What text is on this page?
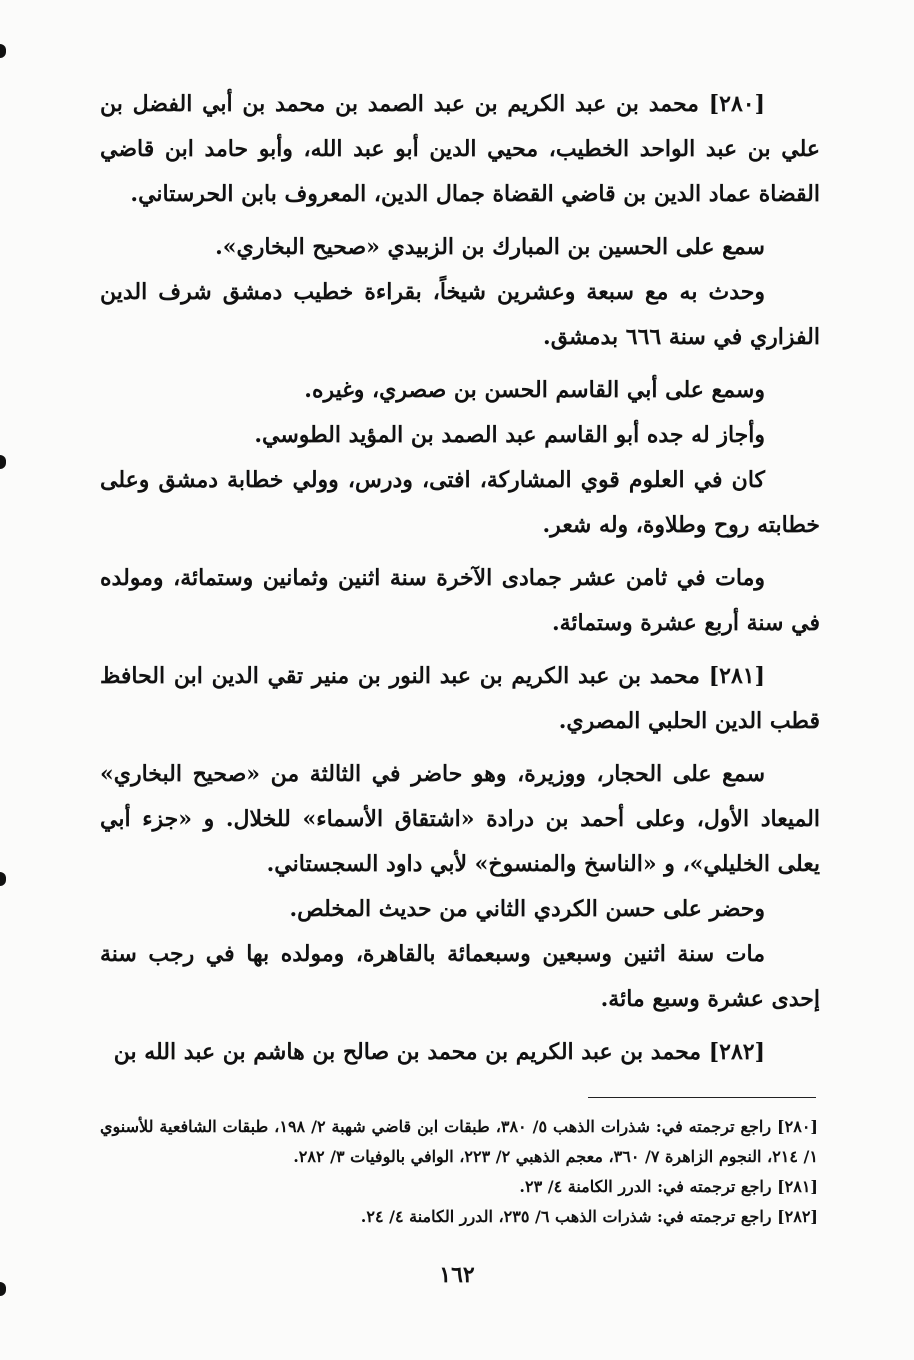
[٢٨٠] محمد بن عبد الكريم بن عبد الصمد بن محمد بن أبي الفضل بن علي بن عبد الواحد الخطيب، محيي الدين أبو عبد الله، وأبو حامد ابن قاضي القضاة عماد الدين بن قاضي القضاة جمال الدين، المعروف بابن الحرستاني.

سمع على الحسين بن المبارك بن الزبيدي «صحيح البخاري».

وحدث به مع سبعة وعشرين شيخاً، بقراءة خطيب دمشق شرف الدين الفزاري في سنة ٦٦٦ بدمشق.

وسمع على أبي القاسم الحسن بن صصري، وغيره.

وأجاز له جده أبو القاسم عبد الصمد بن المؤيد الطوسي.

كان في العلوم قوي المشاركة، افتى، ودرس، وولي خطابة دمشق وعلى خطابته روح وطلاوة، وله شعر.

ومات في ثامن عشر جمادى الآخرة سنة اثنين وثمانين وستمائة، ومولده في سنة أربع عشرة وستمائة.

[٢٨١] محمد بن عبد الكريم بن عبد النور بن منير تقي الدين ابن الحافظ قطب الدين الحلبي المصري.

سمع على الحجار، ووزيرة، وهو حاضر في الثالثة من «صحيح البخاري» الميعاد الأول، وعلى أحمد بن درادة «اشتقاق الأسماء» للخلال. و «جزء أبي يعلى الخليلي»، و «الناسخ والمنسوخ» لأبي داود السجستاني.

وحضر على حسن الكردي الثاني من حديث المخلص.

مات سنة اثنين وسبعين وسبعمائة بالقاهرة، ومولده بها في رجب سنة إحدى عشرة وسبع مائة.

[٢٨٢] محمد بن عبد الكريم بن محمد بن صالح بن هاشم بن عبد الله بن

[٢٨٠] راجع ترجمته في: شذرات الذهب ٥/ ٣٨٠، طبقات ابن قاضي شهبة ٢/ ١٩٨، طبقات الشافعية للأسنوي ١/ ٢١٤، النجوم الزاهرة ٧/ ٣٦٠، معجم الذهبي ٢/ ٢٢٣، الوافي بالوفيات ٣/ ٢٨٢.

[٢٨١] راجع ترجمته في: الدرر الكامنة ٤/ ٢٣.

[٢٨٢] راجع ترجمته في: شذرات الذهب ٦/ ٢٣٥، الدرر الكامنة ٤/ ٢٤.

١٦٢
